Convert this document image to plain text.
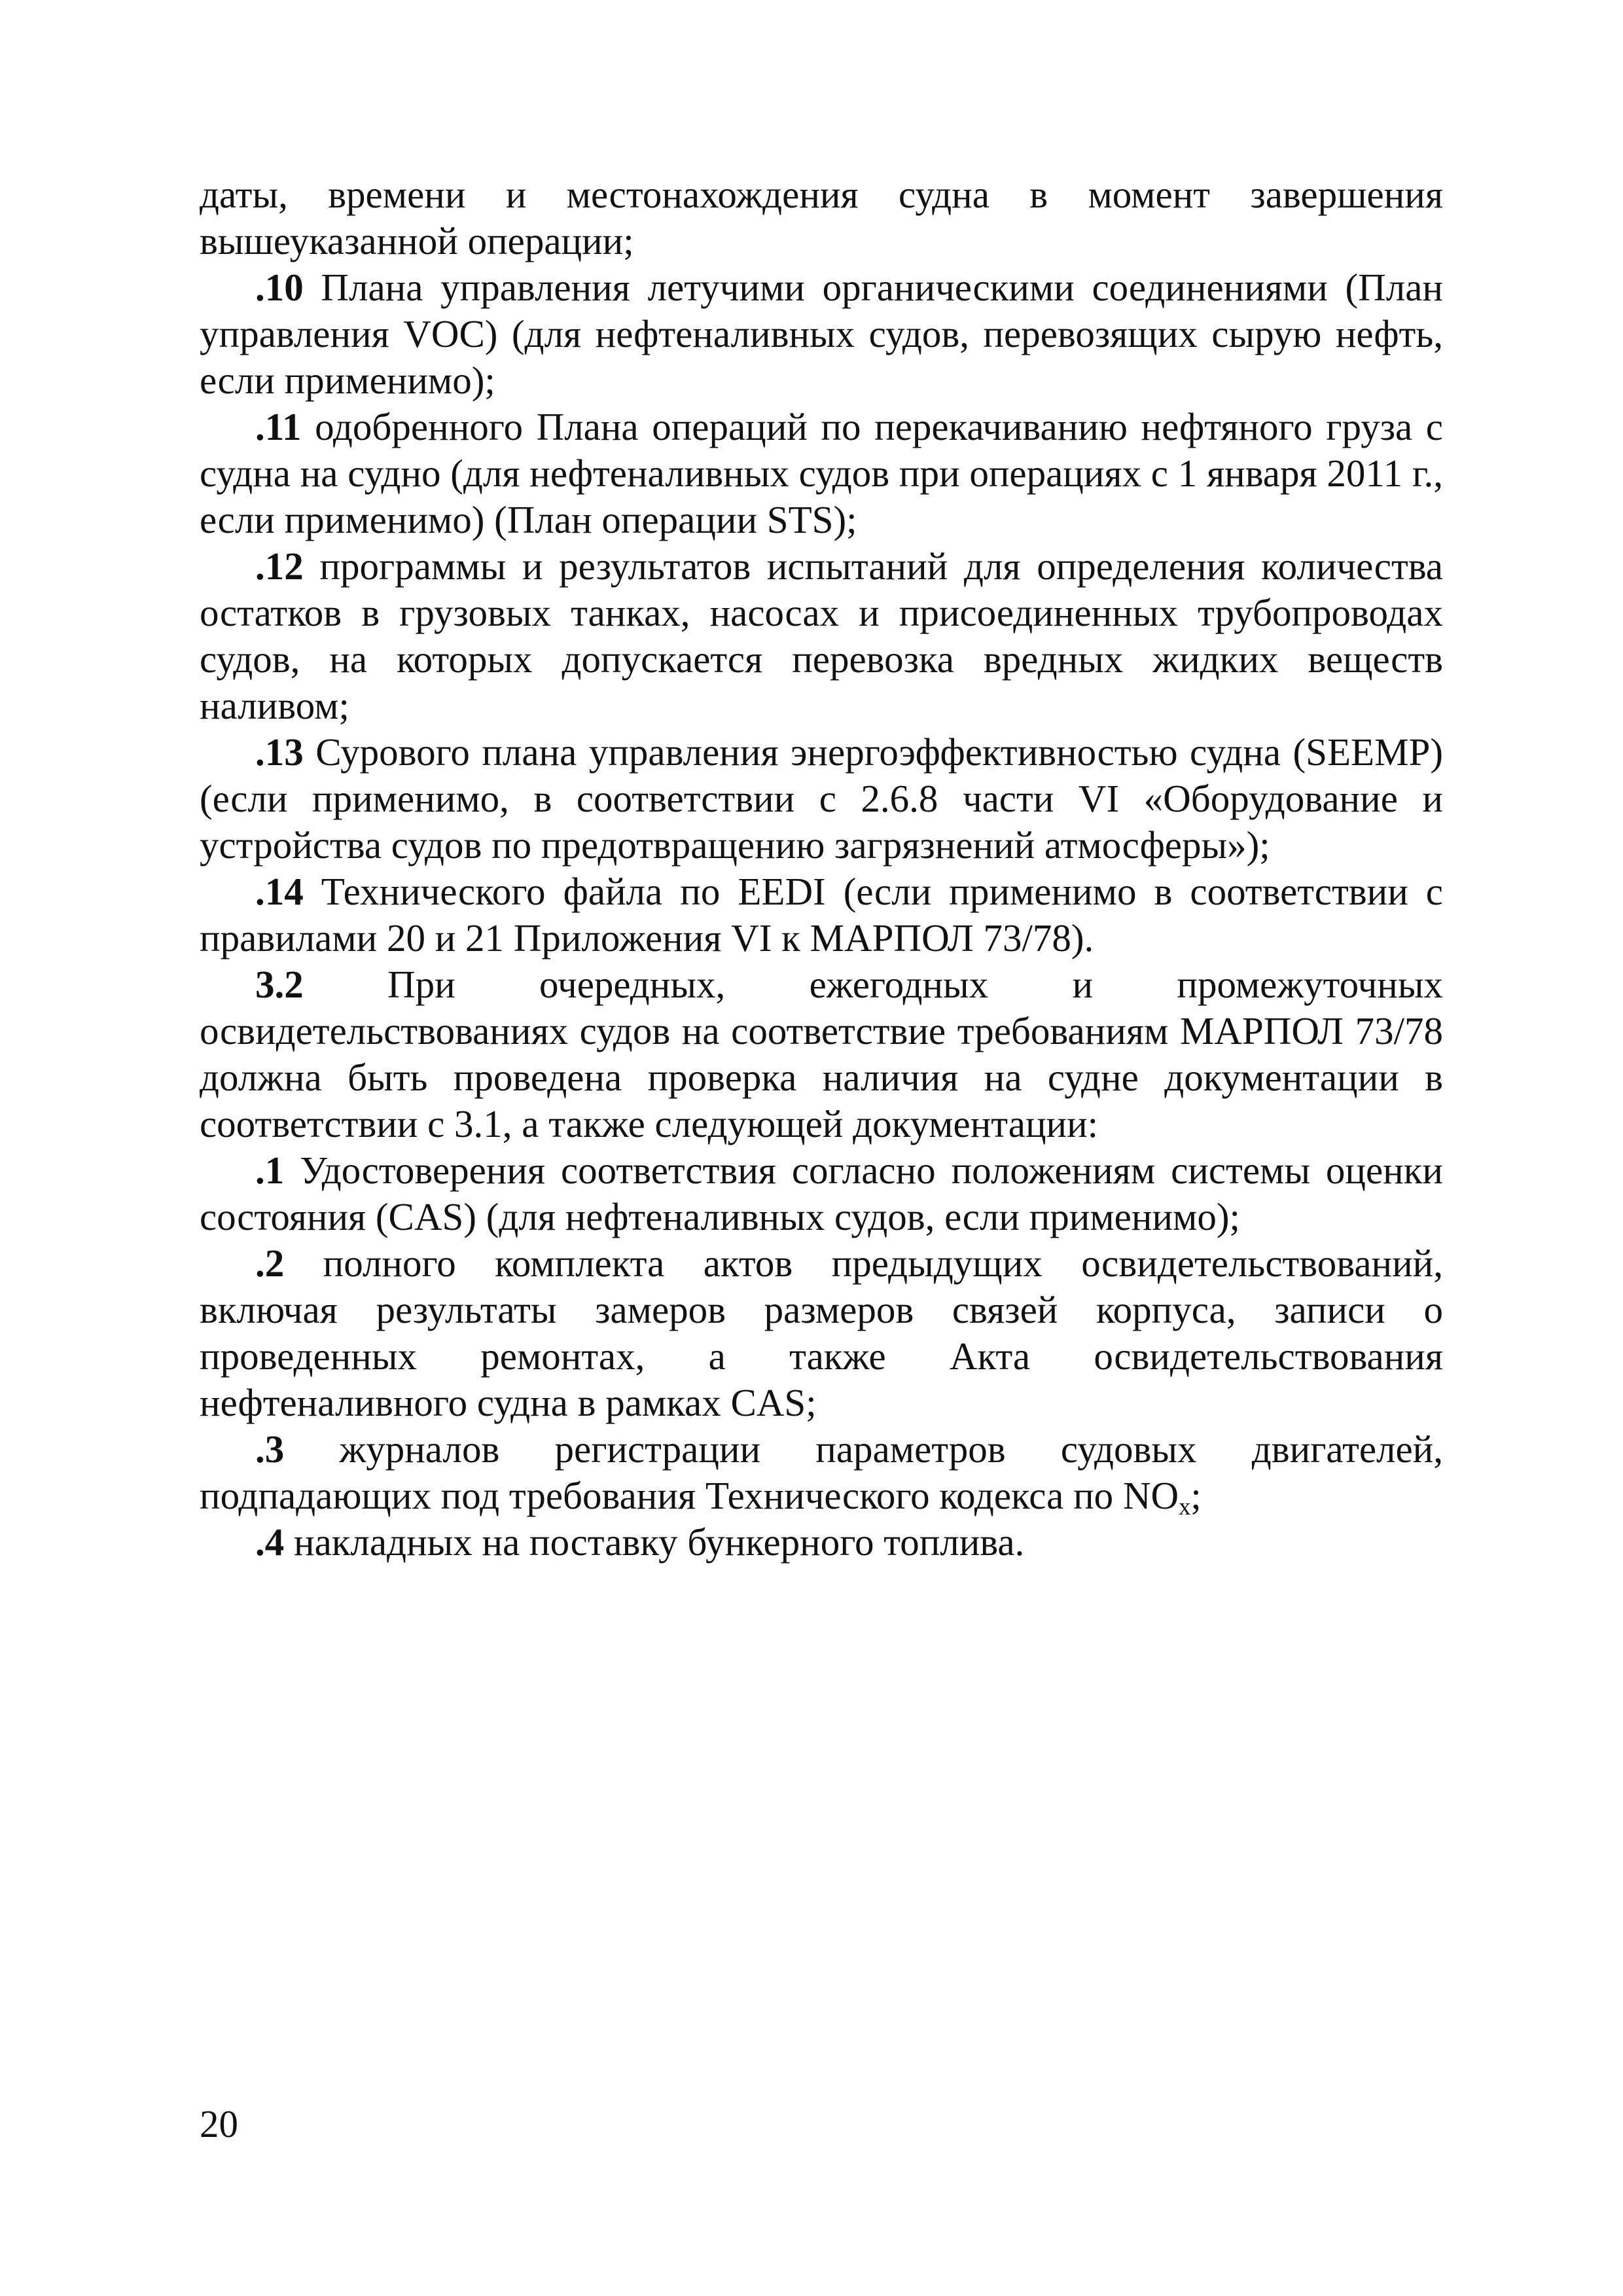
даты, времени и местонахождения судна в момент завершения вышеуказанной операции;

.10 Плана управления летучими органическими соединениями (План управления VOC) (для нефтеналивных судов, перевозящих сырую нефть, если применимо);

.11 одобренного Плана операций по перекачиванию нефтяного груза с судна на судно (для нефтеналивных судов при операциях с 1 января 2011 г., если применимо) (План операции STS);

.12 программы и результатов испытаний для определения количества остатков в грузовых танках, насосах и присоединенных трубопроводах судов, на которых допускается перевозка вредных жидких веществ наливом;

.13 Сурового плана управления энергоэффективностью судна (SEEMP) (если применимо, в соответствии с 2.6.8 части VI «Оборудование и устройства судов по предотвращению загрязнений атмосферы»);

.14 Технического файла по EEDI (если применимо в соответствии с правилами 20 и 21 Приложения VI к МАРПОЛ 73/78).

3.2 При очередных, ежегодных и промежуточных освидетельствованиях судов на соответствие требованиям МАРПОЛ 73/78 должна быть проведена проверка наличия на судне документации в соответствии с 3.1, а также следующей документации:

.1 Удостоверения соответствия согласно положениям системы оценки состояния (CAS) (для нефтеналивных судов, если применимо);

.2 полного комплекта актов предыдущих освидетельствований, включая результаты замеров размеров связей корпуса, записи о проведенных ремонтах, а также Акта освидетельствования нефтеналивного судна в рамках CAS;

.3 журналов регистрации параметров судовых двигателей, подпадающих под требования Технического кодекса по $NO_x$;

.4 накладных на поставку бункерного топлива.

20
